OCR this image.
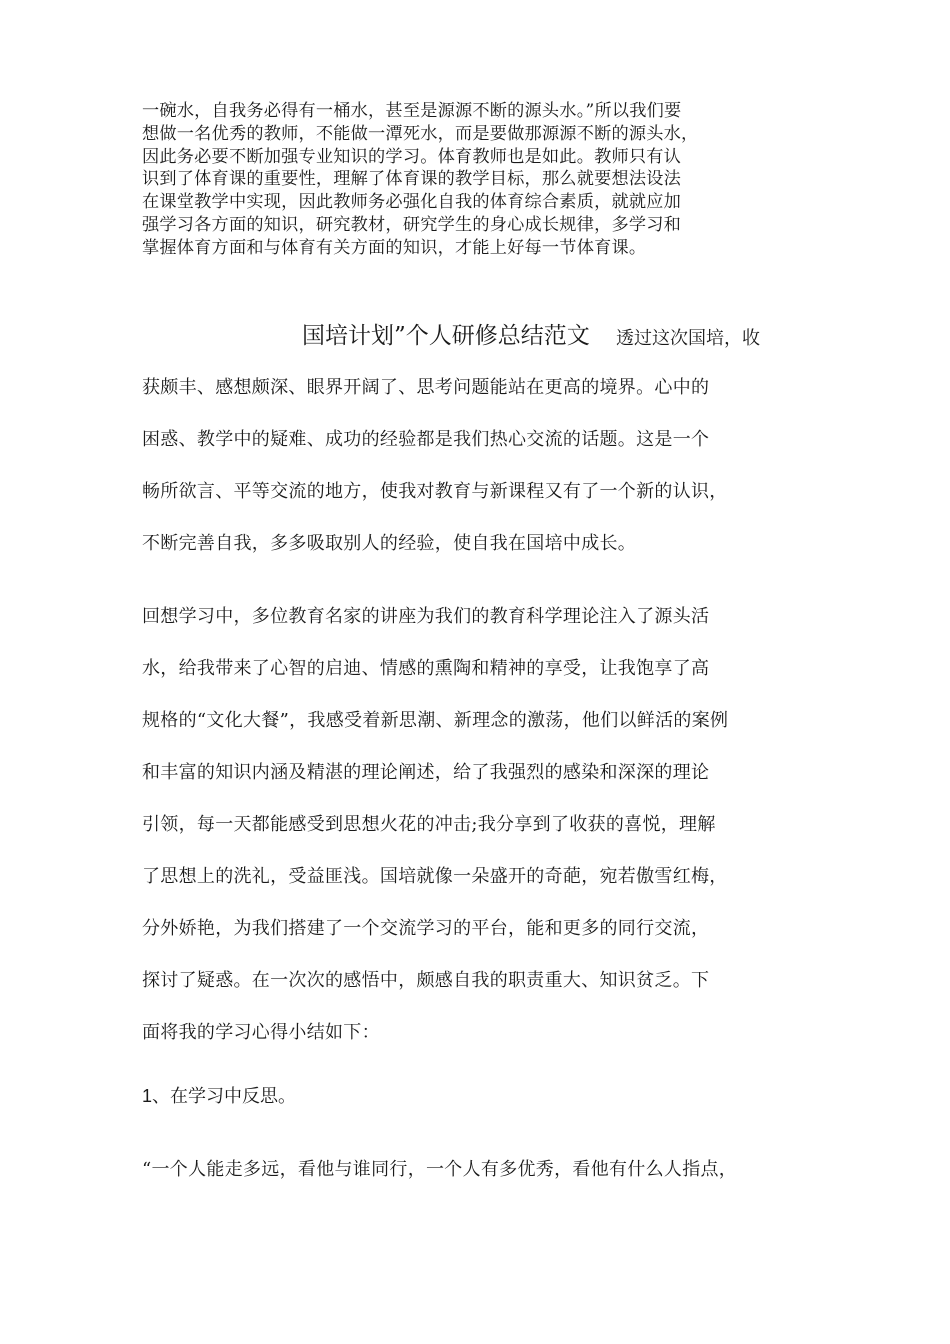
一碗水，自我务必得有一桶水，甚至是源源不断的源头水。”所以我们要
想做一名优秀的教师，不能做一潭死水，而是要做那源源不断的源头水，
因此务必要不断加强专业知识的学习。体育教师也是如此。教师只有认
识到了体育课的重要性，理解了体育课的教学目标，那么就要想法设法
在课堂教学中实现，因此教师务必强化自我的体育综合素质，就就应加
强学习各方面的知识，研究教材，研究学生的身心成长规律，多学习和
掌握体育方面和与体育有关方面的知识，才能上好每一节体育课。
国培计划”个人研修总结范文 透过这次国培，收
获颇丰、感想颇深、眼界开阔了、思考问题能站在更高的境界。心中的
困惑、教学中的疑难、成功的经验都是我们热心交流的话题。这是一个
畅所欲言、平等交流的地方，使我对教育与新课程又有了一个新的认识，
不断完善自我，多多吸取别人的经验，使自我在国培中成长。
回想学习中，多位教育名家的讲座为我们的教育科学理论注入了源头活
水，给我带来了心智的启迪、情感的熏陶和精神的享受，让我饱享了高
规格的“文化大餐”，我感受着新思潮、新理念的激荡，他们以鲜活的案例
和丰富的知识内涵及精湛的理论阐述，给了我强烈的感染和深深的理论
引领，每一天都能感受到思想火花的冲击;我分享到了收获的喜悦，理解
了思想上的洗礼，受益匪浅。国培就像一朵盛开的奇葩，宛若傲雪红梅，
分外娇艳，为我们搭建了一个交流学习的平台，能和更多的同行交流，
探讨了疑惑。在一次次的感悟中，颇感自我的职责重大、知识贫乏。下
面将我的学习心得小结如下：

1、在学习中反思。

“一个人能走多远，看他与谁同行，一个人有多优秀，看他有什么人指点，
